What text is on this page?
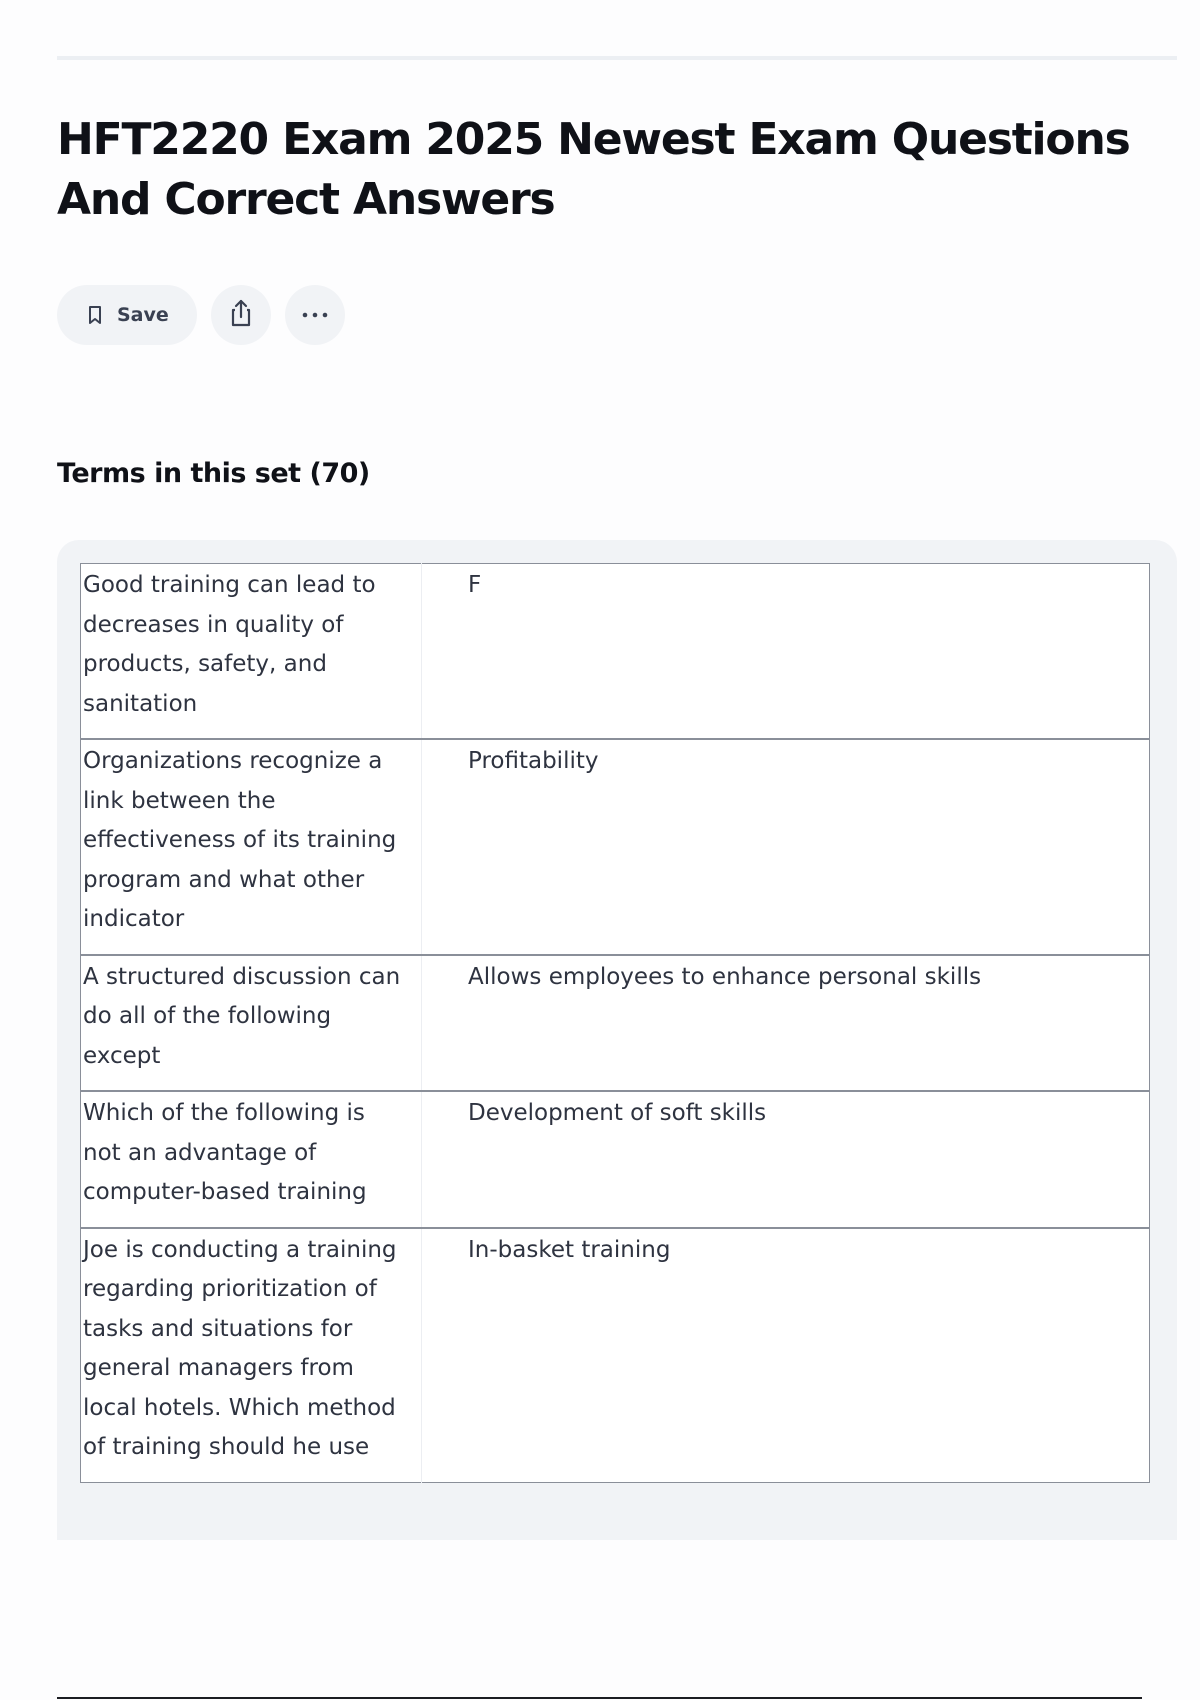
HFT2220 Exam 2025 Newest Exam Questions And Correct Answers
Save
Terms in this set (70)
Good training can lead to decreases in quality of products, safety, and sanitation	F
Organizations recognize a link between the effectiveness of its training program and what other indicator	Profitability
A structured discussion can do all of the following except	Allows employees to enhance personal skills
Which of the following is not an advantage of computer-based training	Development of soft skills
Joe is conducting a training regarding prioritization of tasks and situations for general managers from local hotels. Which method of training should he use	In-basket training
